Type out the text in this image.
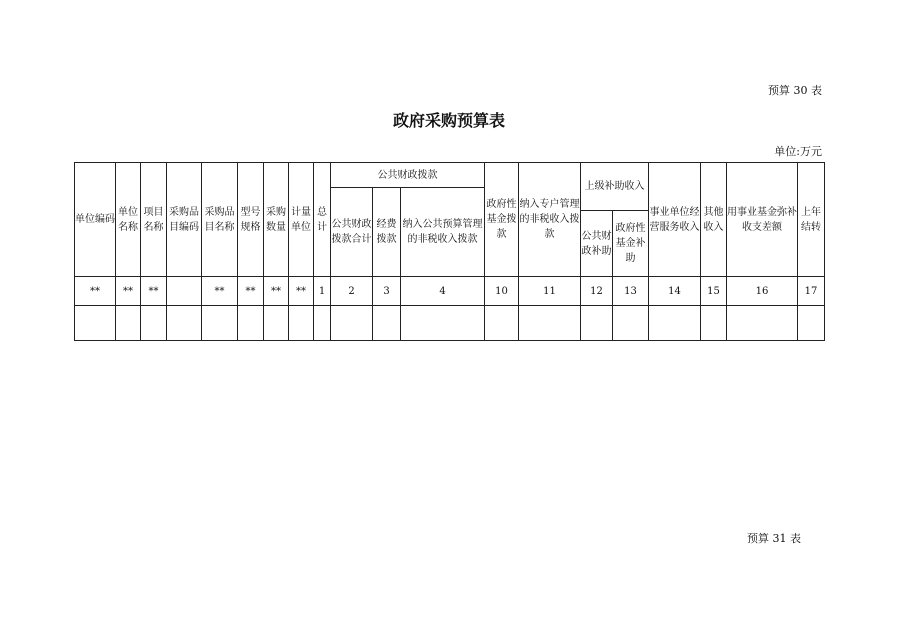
预算 30 表
政府采购预算表
单位:万元
单位编码	单位名称	项目名称	采购品目编码	采购品目名称	型号规格	采购数量	计量单位	总计	公共财政拨款			政府性基金拨款	纳入专户管理的非税收入拨款	上级补助收入		事业单位经营服务收入	其他收入	用事业基金弥补收支差额	上年结转
									公共财政拨款合计	经费拨款	纳入公共预算管理的非税收入拨款								
														公共财政补助	政府性基金补助				
**	**	**		**	**	**	**	1	2	3	4	10	11	12	13	14	15	16	17

预算 31 表
